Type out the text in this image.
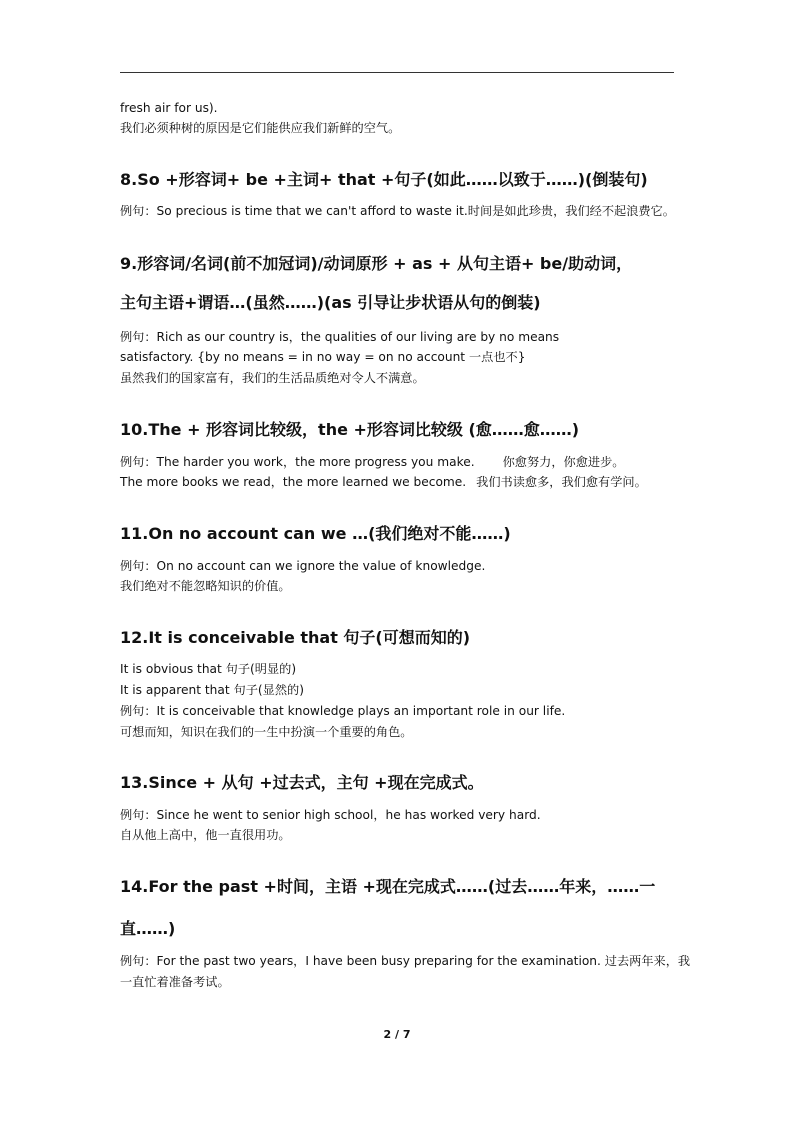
fresh air for us).
我们必须种树的原因是它们能供应我们新鲜的空气。
8.So +形容词+ be +主词+ that +句子(如此……以致于……)(倒装句)
例句：So precious is time that we can't afford to waste it.时间是如此珍贵，我们经不起浪费它。
9.形容词/名词(前不加冠词)/动词原形 + as + 从句主语+ be/助动词，
主句主语+谓语…(虽然……)(as 引导让步状语从句的倒装)
例句：Rich as our country is，the qualities of our living are by no means
satisfactory. {by no means = in no way = on no account 一点也不}
虽然我们的国家富有，我们的生活品质绝对令人不满意。
10.The + 形容词比较级，the +形容词比较级 (愈……愈……)
例句：The harder you work，the more progress you make. 你愈努力，你愈进步。
The more books we read，the more learned we become. 我们书读愈多，我们愈有学问。
11.On no account can we …(我们绝对不能……)
例句：On no account can we ignore the value of knowledge.
我们绝对不能忽略知识的价值。
12.It is conceivable that 句子(可想而知的)
It is obvious that 句子(明显的)
It is apparent that 句子(显然的)
例句：It is conceivable that knowledge plays an important role in our life.
可想而知，知识在我们的一生中扮演一个重要的角色。
13.Since + 从句 +过去式，主句 +现在完成式。
例句：Since he went to senior high school，he has worked very hard.
自从他上高中，他一直很用功。
14.For the past +时间，主语 +现在完成式……(过去……年来，……一
直……)
例句：For the past two years，I have been busy preparing for the examination. 过去两年来，我
一直忙着准备考试。
2 / 7
